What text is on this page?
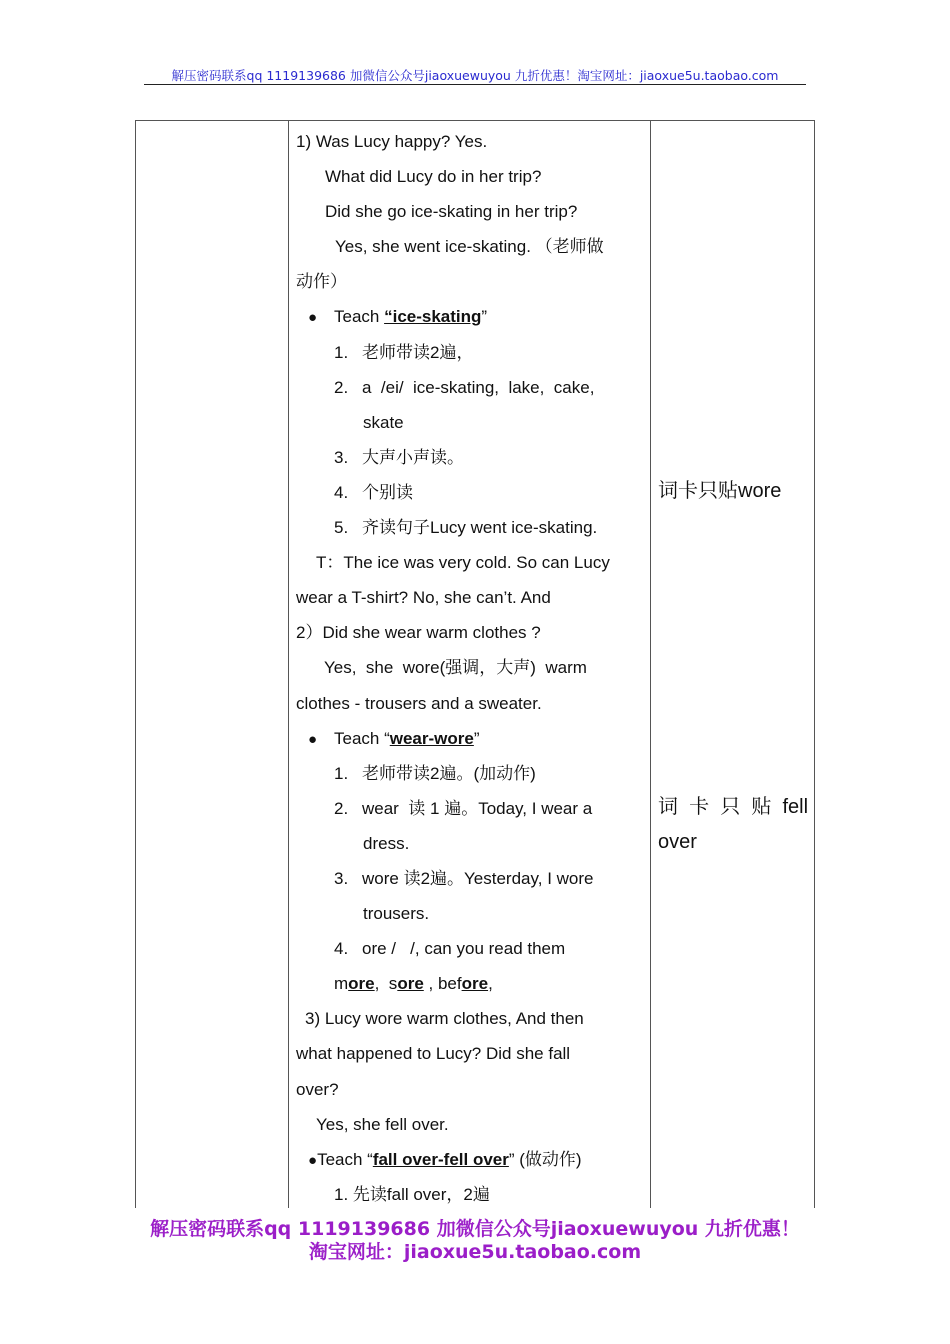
解压密码联系qq 1119139686 加微信公众号jiaoxuewuyou 九折优惠！淘宝网址：jiaoxue5u.taobao.com
1) Was Lucy happy? Yes.
What did Lucy do in her trip?
Did she go ice-skating in her trip?
Yes, she went ice-skating. （老师做
动作）
● Teach “ice-skating”
1. 老师带读2遍，
2. a  /ei/  ice-skating,  lake,  cake,
skate
3. 大声小声读。
4. 个别读
5. 齐读句子Lucy went ice-skating.
T：The ice was very cold. So can Lucy
wear a T-shirt? No, she can’t. And
2）Did she wear warm clothes ?
Yes,  she  wore(强调，大声)  warm
clothes - trousers and a sweater.
● Teach “wear-wore”
1. 老师带读2遍。(加动作)
2. wear  读 1 遍。Today, I wear a
dress.
3. wore 读2遍。Yesterday, I wore
trousers.
4. ore /   /, can you read them
more,  sore , before,
3) Lucy wore warm clothes, And then
what happened to Lucy? Did she fall
over?
Yes, she fell over.
●Teach “fall over-fell over” (做动作)
1. 先读fall over，2遍
词卡只贴wore
词  卡  只  贴  fell
over
解压密码联系qq 1119139686 加微信公众号jiaoxuewuyou 九折优惠！
淘宝网址：jiaoxue5u.taobao.com
